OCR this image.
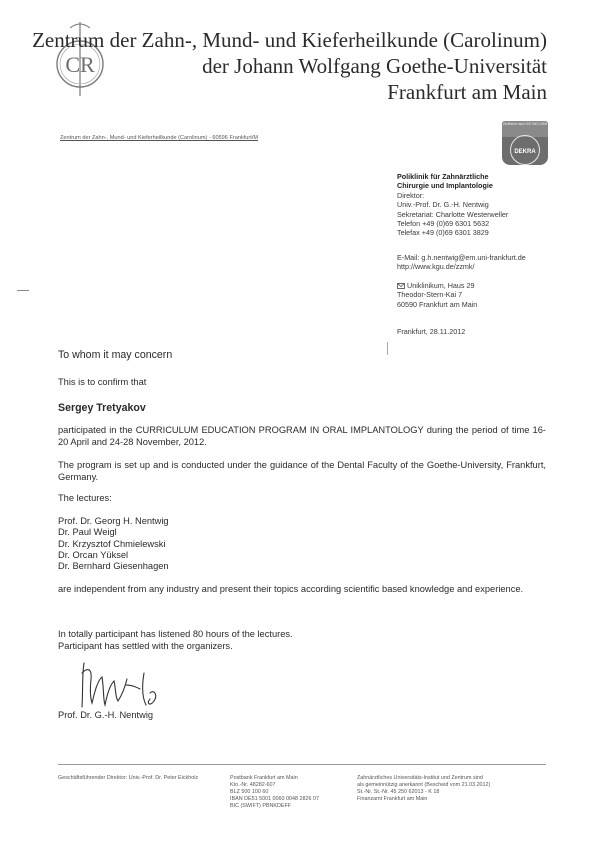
CR
Zentrum der Zahn-, Mund- und Kieferheilkunde (Carolinum)
der Johann Wolfgang Goethe-Universität
Frankfurt am Main
Zentrum der Zahn-, Mund- und Kieferheilkunde (Carolinum) - 60596 Frankfurt/M
Zertifiziert nach ISO 9001:2008
DEKRA
Poliklinik für Zahnärztliche
Chirurgie und Implantologie
Direktor:
Univ.-Prof. Dr. G.-H. Nentwig
Sekretariat: Charlotte Westerweller
Telefon +49 (0)69 6301 5632
Telefax +49 (0)69 6301 3829
E-Mail: g.h.nentwig@em.uni-frankfurt.de
http://www.kgu.de/zzmk/
Uniklinikum, Haus 29
Theodor-Stern-Kai 7
60590 Frankfurt am Main
Frankfurt, 28.11.2012
To whom it may concern
This is to confirm that
Sergey Tretyakov
participated in the CURRICULUM EDUCATION PROGRAM IN ORAL IMPLANTOLOGY during the period of time 16-20 April and 24-28 November, 2012.
The program is set up and is conducted under the guidance of the Dental Faculty of the Goethe-University, Frankfurt, Germany.
The lectures:
Prof. Dr. Georg H. Nentwig
Dr. Paul Weigl
Dr. Krzysztof Chmielewski
Dr. Orcan Yüksel
Dr. Bernhard Giesenhagen
are independent from any industry and present their topics according scientific based knowledge and experience.
In totally participant has listened 80 hours of the lectures.
Participant has settled with the organizers.
Prof. Dr. G.-H. Nentwig
Geschäftsführender Direktor: Univ.-Prof. Dr. Peter Eickholz	Postbank Frankfurt am Main
Kto.-Nr. 48282-607
BLZ 500 100 60
IBAN DE51 5001 0060 0048 2826 07
BIC (SWIFT) PBNKDEFF
Zahnärztliches Universitäts-Institut und Zentrum sind
als gemeinnützig anerkannt (Bescheid vom 21.03.2012)
St.-Nr. St.-Nr. 45 250 62013 - K 18
Finanzamt Frankfurt am Main
